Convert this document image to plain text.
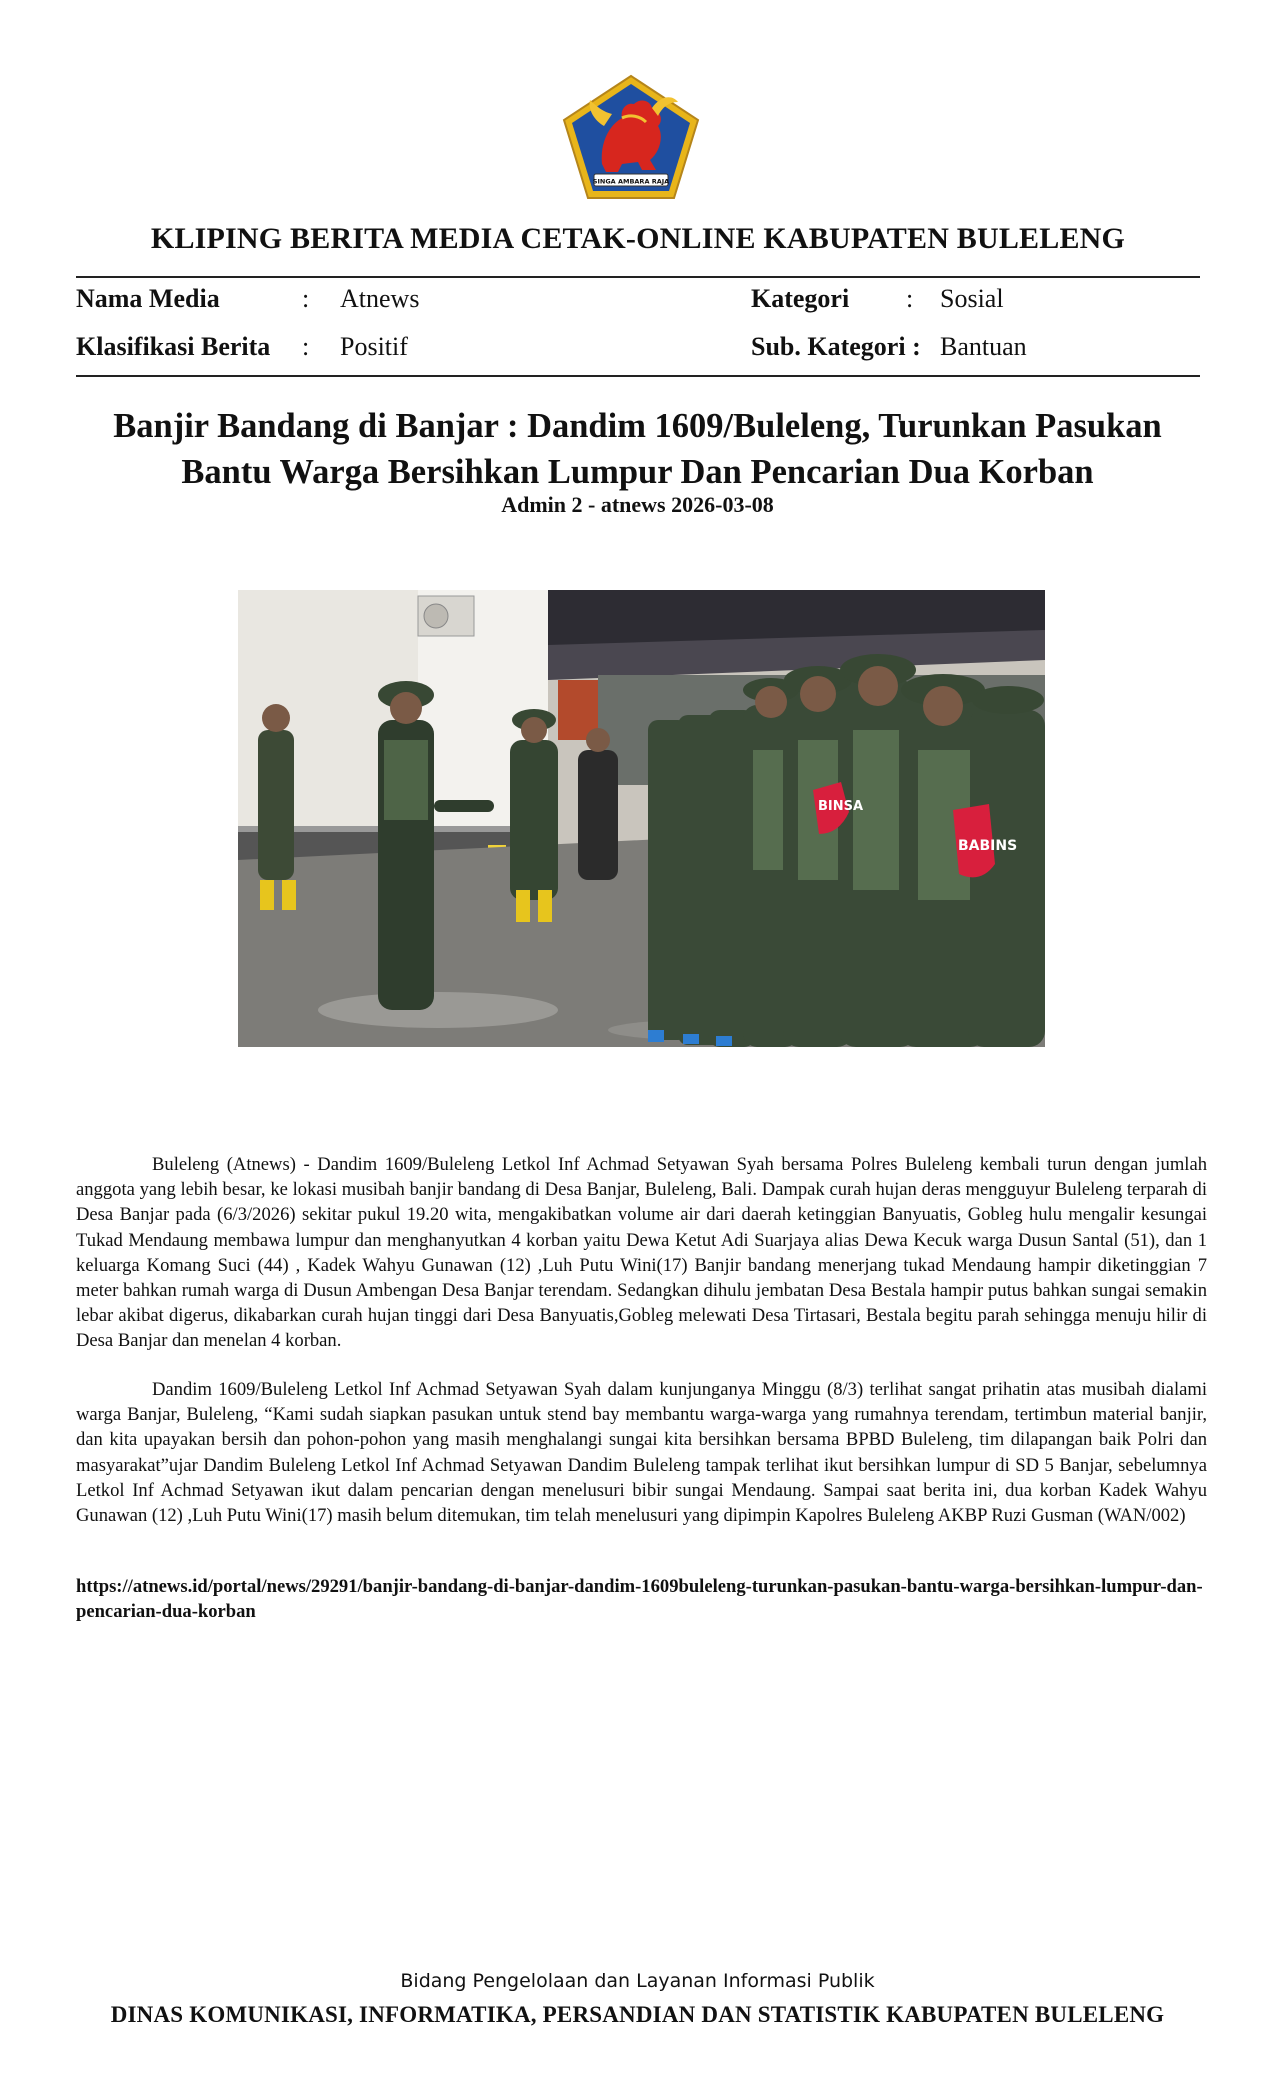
SINGA AMBARA RAJA
KLIPING BERITA MEDIA CETAK-ONLINE KABUPATEN BULELENG
Nama Media	: Atnews	Kategori : Sosial
Klasifikasi Berita : Positif	Sub. Kategori : Bantuan
Banjir Bandang di Banjar : Dandim 1609/Buleleng, Turunkan Pasukan
Bantu Warga Bersihkan Lumpur Dan Pencarian Dua Korban
Admin 2 - atnews 2026-03-08
BINSA
BABINS

Buleleng (Atnews) - Dandim 1609/Buleleng Letkol Inf Achmad Setyawan Syah bersama Polres Buleleng kembali turun dengan jumlah anggota yang lebih besar, ke lokasi musibah banjir bandang di Desa Banjar, Buleleng, Bali. Dampak curah hujan deras mengguyur Buleleng terparah di Desa Banjar pada (6/3/2026) sekitar pukul 19.20 wita, mengakibatkan volume air dari daerah ketinggian Banyuatis, Gobleg hulu mengalir kesungai Tukad Mendaung membawa lumpur dan menghanyutkan 4 korban yaitu Dewa Ketut Adi Suarjaya alias Dewa Kecuk warga Dusun Santal (51), dan 1 keluarga Komang Suci (44) , Kadek Wahyu Gunawan (12) ,Luh Putu Wini(17) Banjir bandang menerjang tukad Mendaung hampir diketinggian 7 meter bahkan rumah warga di Dusun Ambengan Desa Banjar terendam. Sedangkan dihulu jembatan Desa Bestala hampir putus bahkan sungai semakin lebar akibat digerus, dikabarkan curah hujan tinggi dari Desa Banyuatis,Gobleg melewati Desa Tirtasari, Bestala begitu parah sehingga menuju hilir di Desa Banjar dan menelan 4 korban.

Dandim 1609/Buleleng Letkol Inf Achmad Setyawan Syah dalam kunjunganya Minggu (8/3) terlihat sangat prihatin atas musibah dialami warga Banjar, Buleleng, “Kami sudah siapkan pasukan untuk stend bay membantu warga-warga yang rumahnya terendam, tertimbun material banjir, dan kita upayakan bersih dan pohon-pohon yang masih menghalangi sungai kita bersihkan bersama BPBD Buleleng, tim dilapangan baik Polri dan masyarakat”ujar Dandim Buleleng Letkol Inf Achmad Setyawan Dandim Buleleng tampak terlihat ikut bersihkan lumpur di SD 5 Banjar, sebelumnya Letkol Inf Achmad Setyawan ikut dalam pencarian dengan menelusuri bibir sungai Mendaung. Sampai saat berita ini, dua korban Kadek Wahyu Gunawan (12) ,Luh Putu Wini(17) masih belum ditemukan, tim telah menelusuri yang dipimpin Kapolres Buleleng AKBP Ruzi Gusman (WAN/002)

https://atnews.id/portal/news/29291/banjir-bandang-di-banjar-dandim-1609buleleng-turunkan-pasukan-bantu-warga-bersihkan-lumpur-dan-pencarian-dua-korban
Bidang Pengelolaan dan Layanan Informasi Publik
DINAS KOMUNIKASI, INFORMATIKA, PERSANDIAN DAN STATISTIK KABUPATEN BULELENG
